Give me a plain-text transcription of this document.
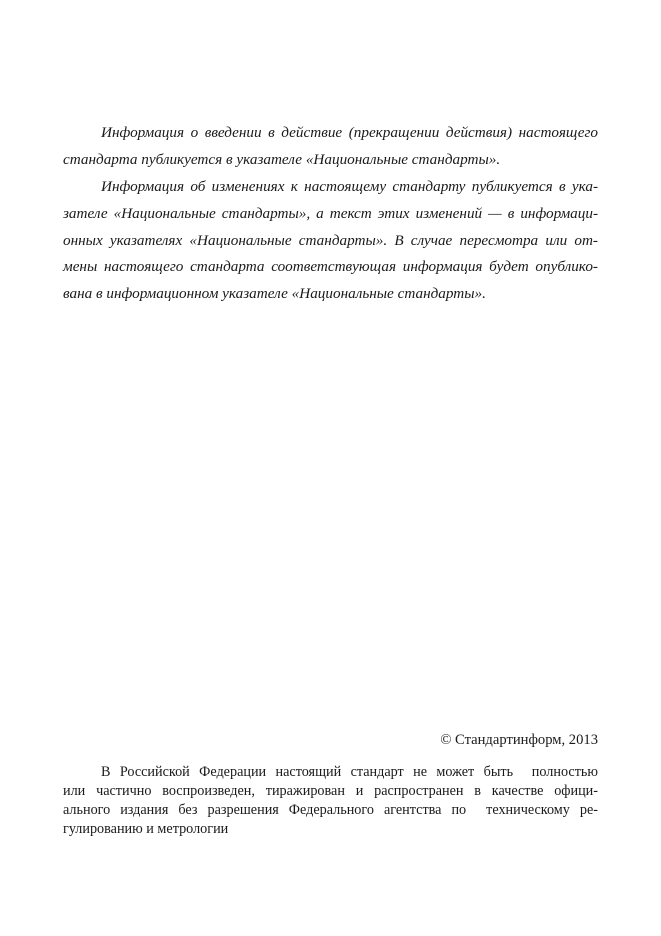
Информация о введении в действие (прекращении действия) настоящего
стандарта публикуется в указателе «Национальные стандарты».
Информация об изменениях к настоящему стандарту публикуется в ука-
зателе «Национальные стандарты», а текст этих изменений — в информаци-
онных указателях «Национальные стандарты». В случае пересмотра или от-
мены настоящего стандарта соответствующая информация будет опублико-
вана в информационном указателе «Национальные стандарты».
© Стандартинформ, 2013
В Российской Федерации настоящий стандарт не может быть  полностью
или частично воспроизведен, тиражирован и распространен в качестве офици-
ального издания без разрешения Федерального агентства по  техническому ре-
гулированию и метрологии
